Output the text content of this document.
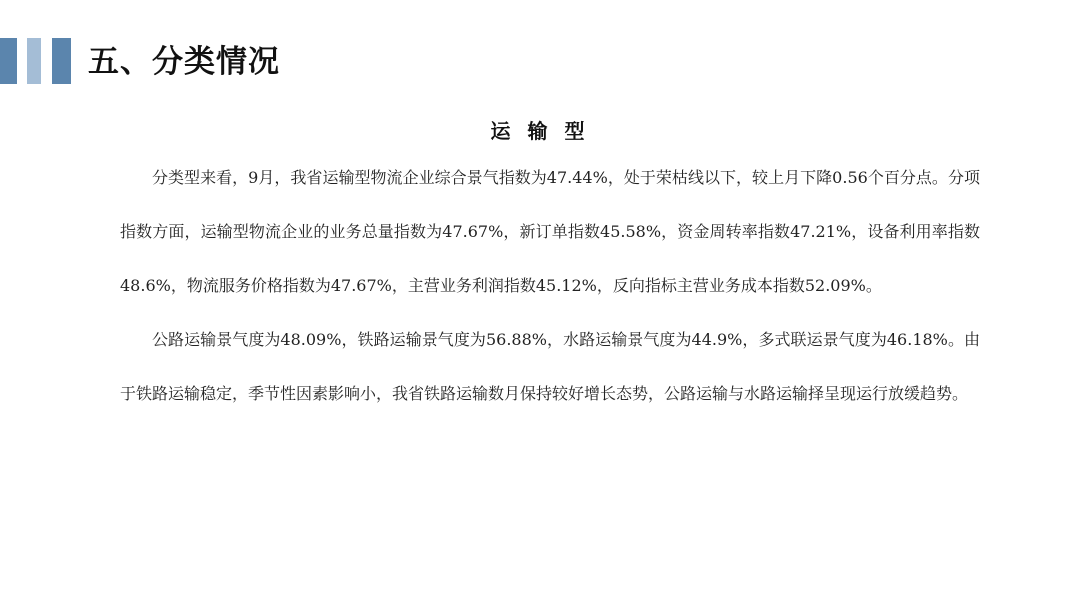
五、分类情况
运 输 型

分类型来看，9月，我省运输型物流企业综合景气指数为47.44%，处于荣枯线以下，较上月下降0.56个百分点。分项指数方面，运输型物流企业的业务总量指数为47.67%，新订单指数45.58%，资金周转率指数47.21%，设备利用率指数48.6%，物流服务价格指数为47.67%，主营业务利润指数45.12%，反向指标主营业务成本指数52.09%。

公路运输景气度为48.09%，铁路运输景气度为56.88%，水路运输景气度为44.9%，多式联运景气度为46.18%。由于铁路运输稳定，季节性因素影响小，我省铁路运输数月保持较好增长态势，公路运输与水路运输择呈现运行放缓趋势。
